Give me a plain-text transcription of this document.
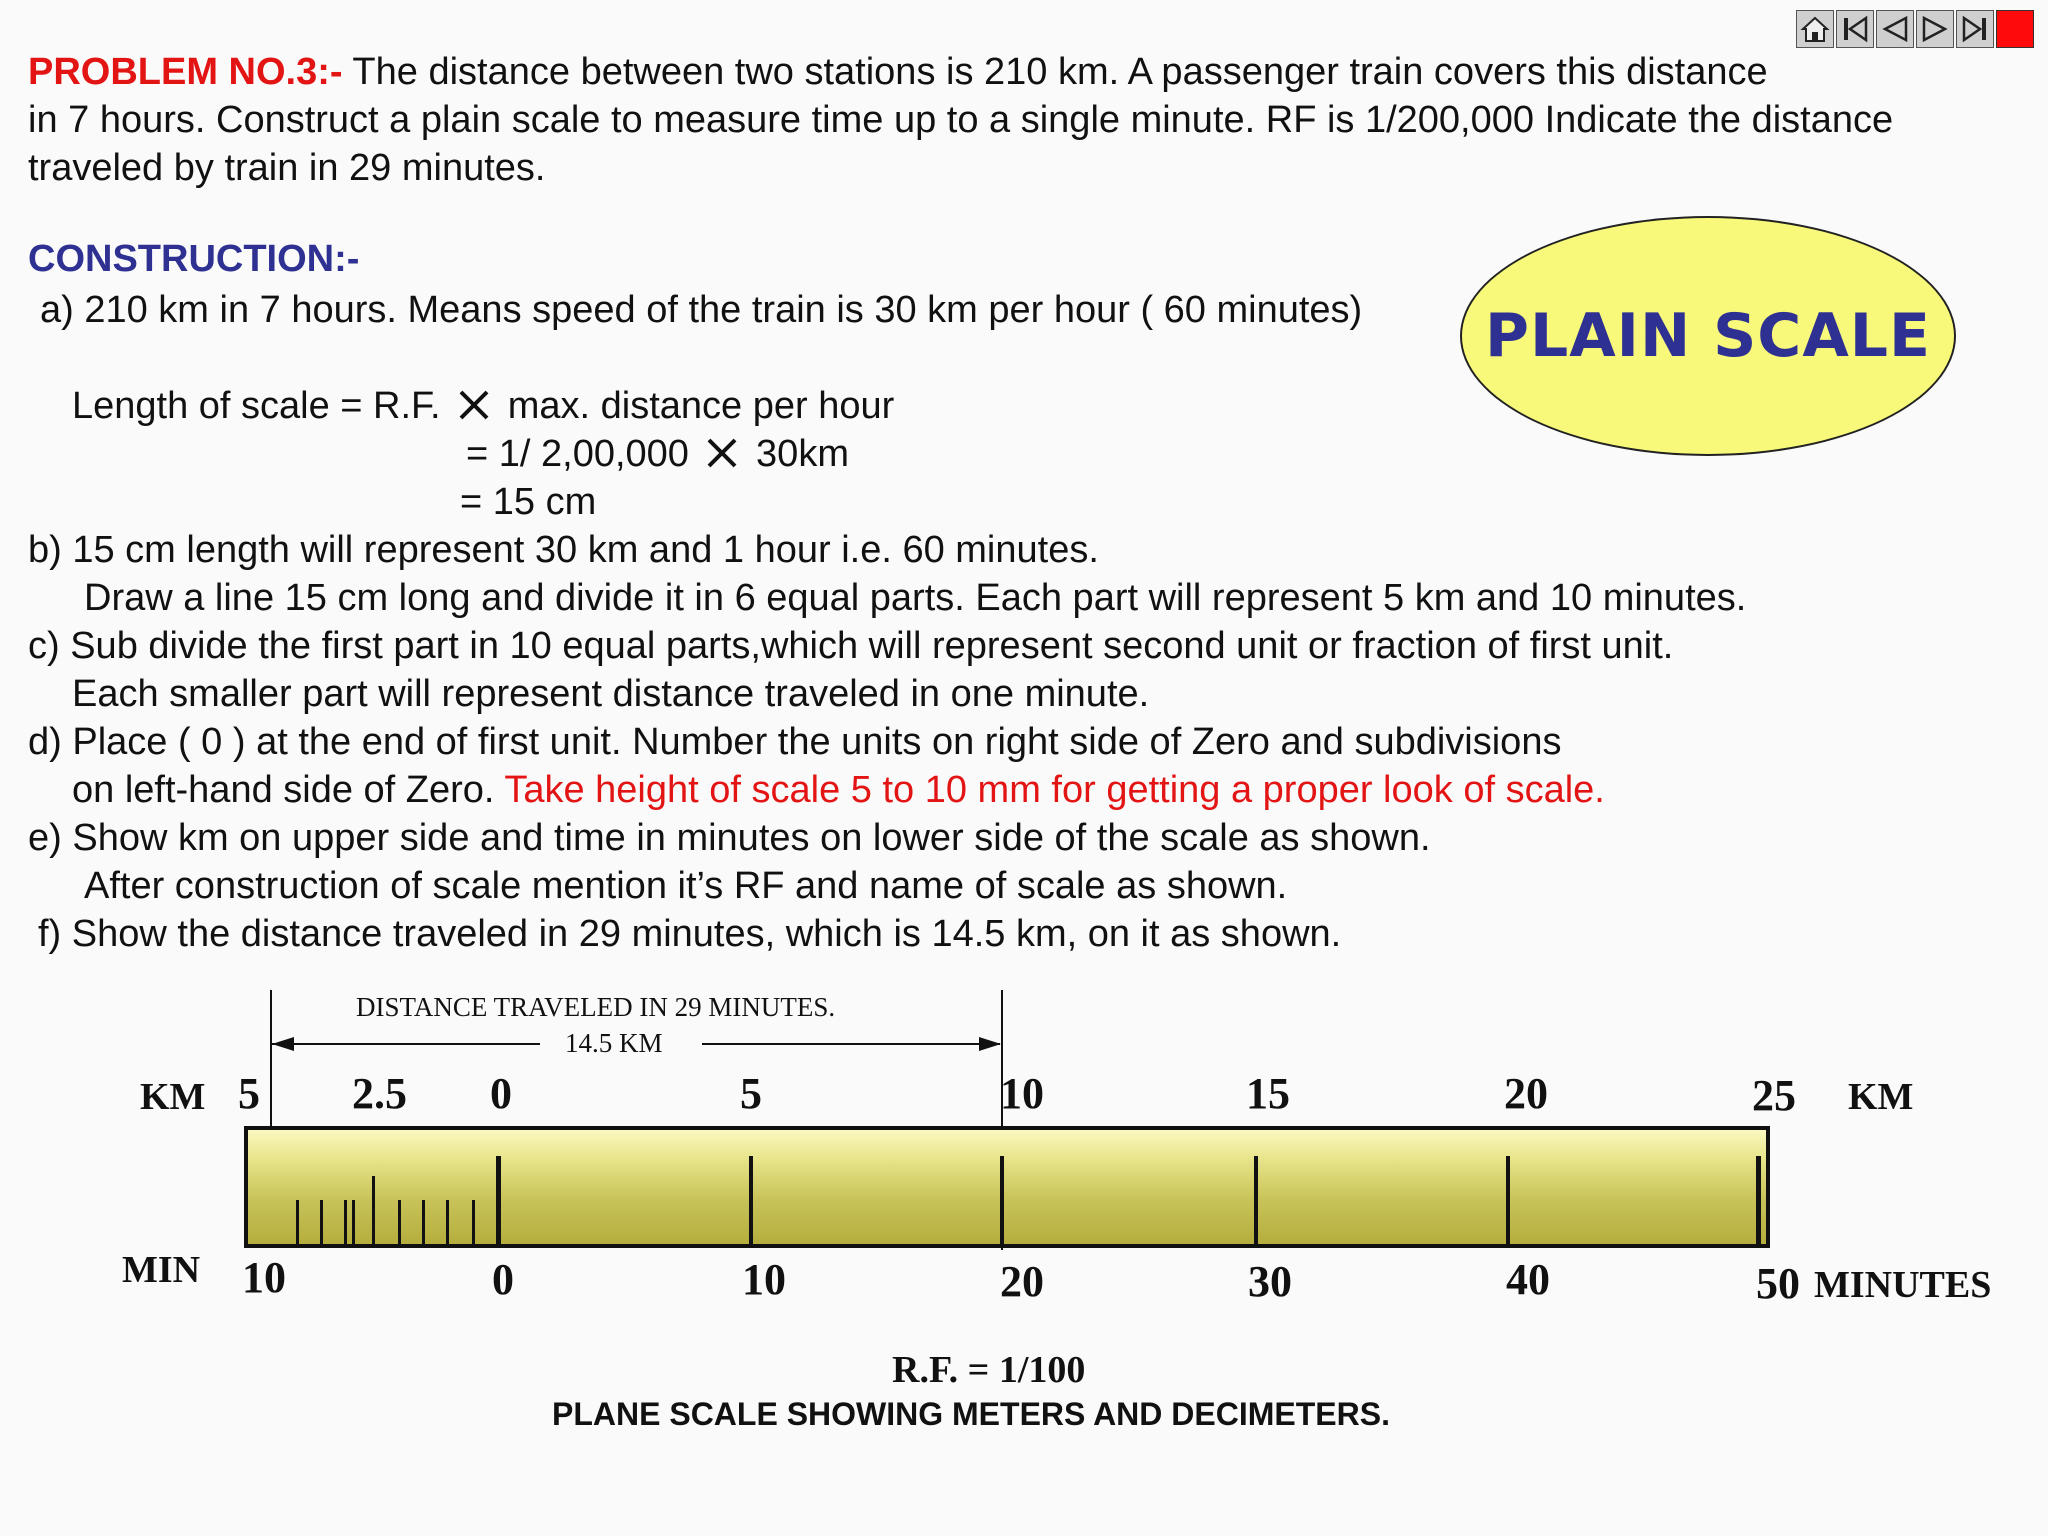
PROBLEM NO.3:- The distance between two stations is 210 km. A passenger train covers this distance
in 7 hours. Construct a plain scale to measure time up to a single minute. RF is 1/200,000 Indicate the distance
traveled by train in 29 minutes.
CONSTRUCTION:-
a) 210 km in 7 hours. Means speed of the train is 30 km per hour ( 60 minutes)
Length of scale = R.F. max. distance per hour
= 1/ 2,00,000 30km
= 15 cm
b) 15 cm length will represent 30 km and 1 hour i.e. 60 minutes.
Draw a line 15 cm long and divide it in 6 equal parts. Each part will represent 5 km and 10 minutes.
c) Sub divide the first part in 10 equal parts,which will represent second unit or fraction of first unit.
Each smaller part will represent distance traveled in one minute.
d) Place ( 0 ) at the end of first unit. Number the units on right side of Zero and subdivisions
on left-hand side of Zero. Take height of scale 5 to 10 mm for getting a proper look of scale.
e) Show km on upper side and time in minutes on lower side of the scale as shown.
After construction of scale mention it’s RF and name of scale as shown.
f) Show the distance traveled in 29 minutes, which is 14.5 km, on it as shown.
PLAIN SCALE
DISTANCE TRAVELED IN 29 MINUTES.
14.5 KM
KM	KM
MIN	MINUTES
5 2.5 0	5	10	15	20	25
10	0	10	20	30	40	50
R.F. = 1/100
PLANE SCALE SHOWING METERS AND DECIMETERS.
